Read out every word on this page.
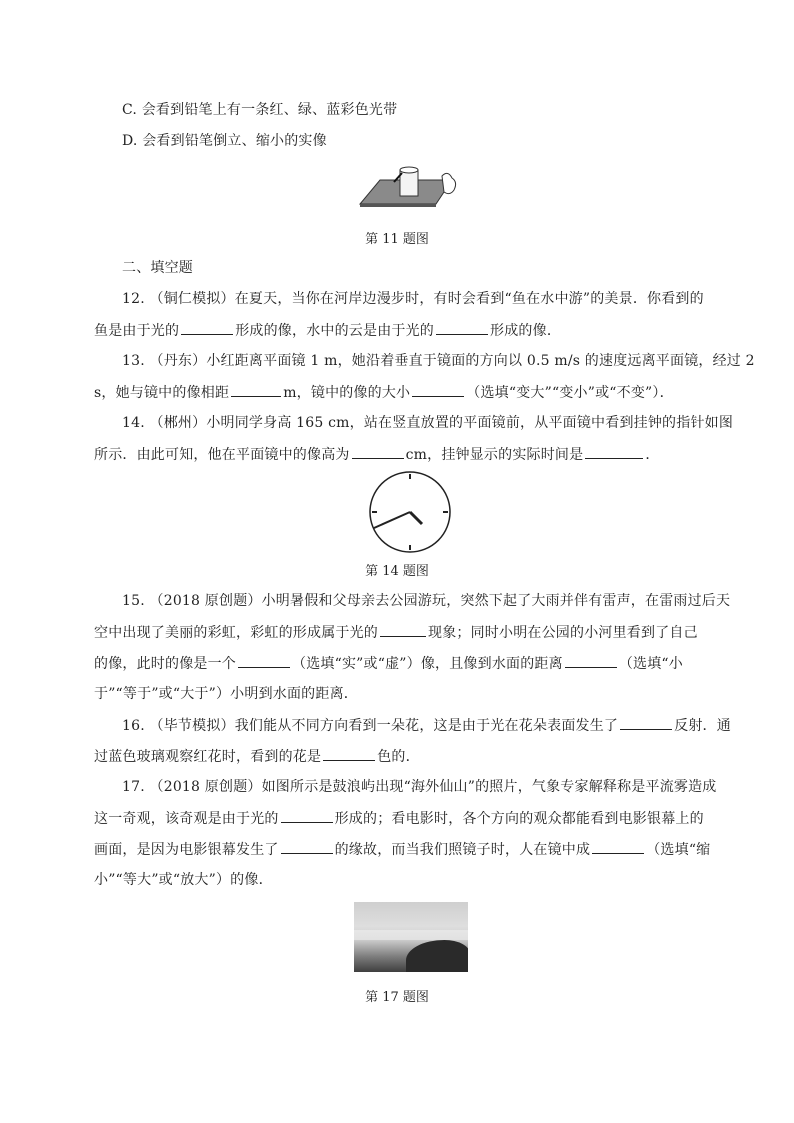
C. 会看到铅笔上有一条红、绿、蓝彩色光带
D. 会看到铅笔倒立、缩小的实像
第 11 题图
二、填空题
12. （铜仁模拟）在夏天，当你在河岸边漫步时，有时会看到“鱼在水中游”的美景．你看到的
鱼是由于光的	形成的像，水中的云是由于光的	形成的像．
13. （丹东）小红距离平面镜 1 m，她沿着垂直于镜面的方向以 0.5 m/s 的速度远离平面镜，经过 2
s，她与镜中的像相距	m，镜中的像的大小	（选填“变大”“变小”或“不变”）．
14. （郴州）小明同学身高 165 cm，站在竖直放置的平面镜前，从平面镜中看到挂钟的指针如图
所示．由此可知，他在平面镜中的像高为	cm，挂钟显示的实际时间是	．
第 14 题图
15. （2018 原创题）小明暑假和父母亲去公园游玩，突然下起了大雨并伴有雷声，在雷雨过后天
空中出现了美丽的彩虹，彩虹的形成属于光的	现象；同时小明在公园的小河里看到了自己
的像，此时的像是一个	（选填“实”或“虚”）像，且像到水面的距离	（选填“小
于”“等于”或“大于”）小明到水面的距离．
16. （毕节模拟）我们能从不同方向看到一朵花，这是由于光在花朵表面发生了	反射．通
过蓝色玻璃观察红花时，看到的花是	色的．
17. （2018 原创题）如图所示是鼓浪屿出现“海外仙山”的照片，气象专家解释称是平流雾造成
这一奇观，该奇观是由于光的	形成的；看电影时，各个方向的观众都能看到电影银幕上的
画面，是因为电影银幕发生了	的缘故，而当我们照镜子时，人在镜中成	（选填“缩
小”“等大”或“放大”）的像．
第 17 题图
